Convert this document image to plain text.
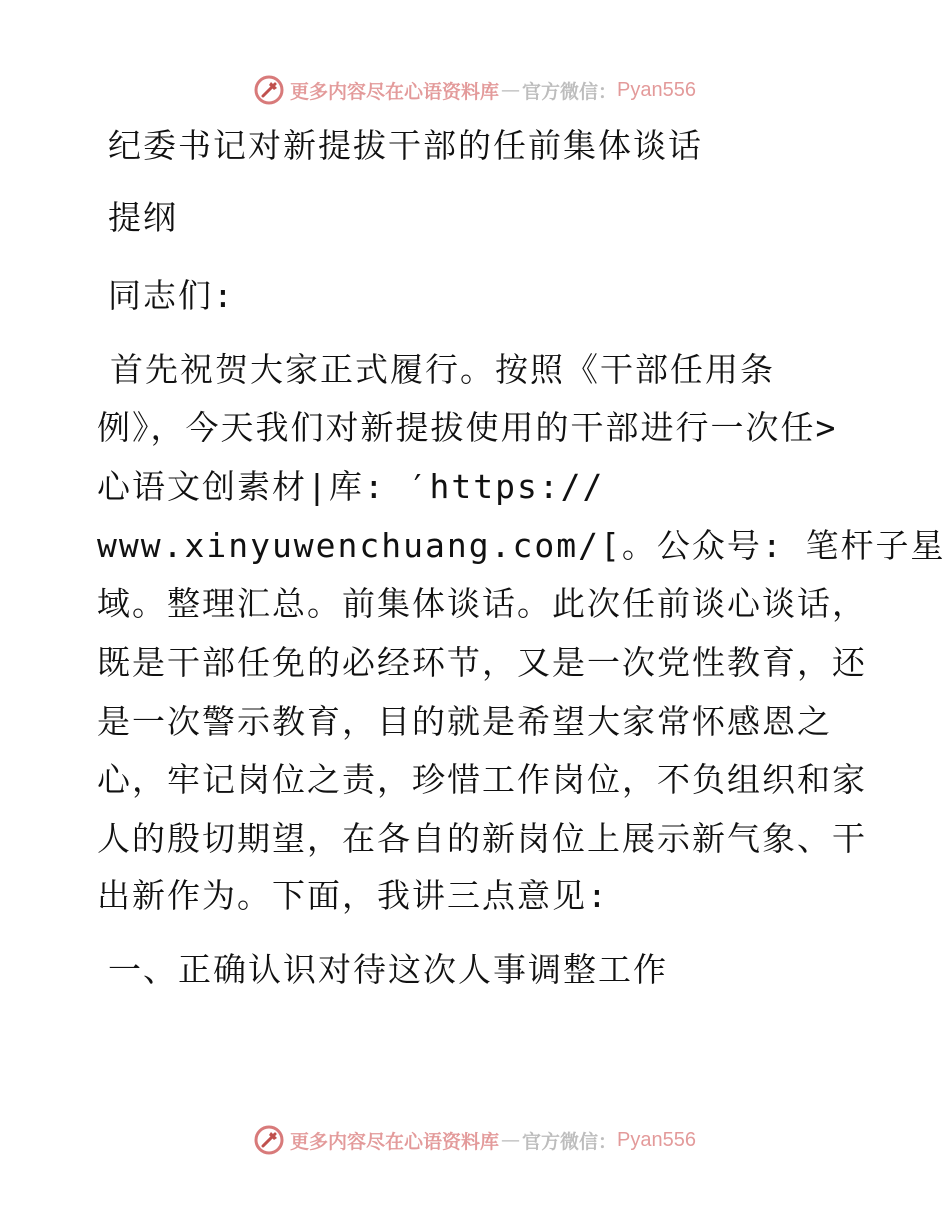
更多内容尽在心语资料库 — 官方微信： Pyan556

纪委书记对新提拔干部的任前集体谈话

提纲

同志们:

首先祝贺大家正式履行。按照《干部任用条

例》，今天我们对新提拔使用的干部进行一次任>

心语文创素材|库: ′https://

www.xinyuwenchuang.com/[。公众号: 笔杆子星

域。整理汇总。前集体谈话。此次任前谈心谈话，

既是干部任免的必经环节，又是一次党性教育，还

是一次警示教育，目的就是希望大家常怀感恩之

心，牢记岗位之责，珍惜工作岗位，不负组织和家

人的殷切期望，在各自的新岗位上展示新气象、干

出新作为。下面，我讲三点意见:

一、正确认识对待这次人事调整工作

更多内容尽在心语资料库 — 官方微信： Pyan556
